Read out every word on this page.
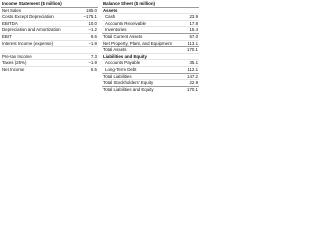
Income Statement ($ million)	
Net Sales	185.0
Costs Except Depreciation	–175.1
EBITDA	10.0
Depreciation and Amortization	–1.2
EBIT	8.6
Interest Income (expense)	−1.9

Pre-tax Income	7.3
Taxes (25%)	−1.9
Net Income	5.5
Balance Sheet ($ million)	
Assets	
Cash	23.9
Accounts Receivable	17.8
Inventories	15.4
Total Current Assets	57.0
Net Property, Plant, and Equipment	113.1
Total Assets	170.1
Liabilities and Equity	
Accounts Payable	35.1
Long-Term Debt	112.1
Total Liabilities	147.2
Total Stockholders' Equity	22.9
Total Liabilities and Equity	170.1
